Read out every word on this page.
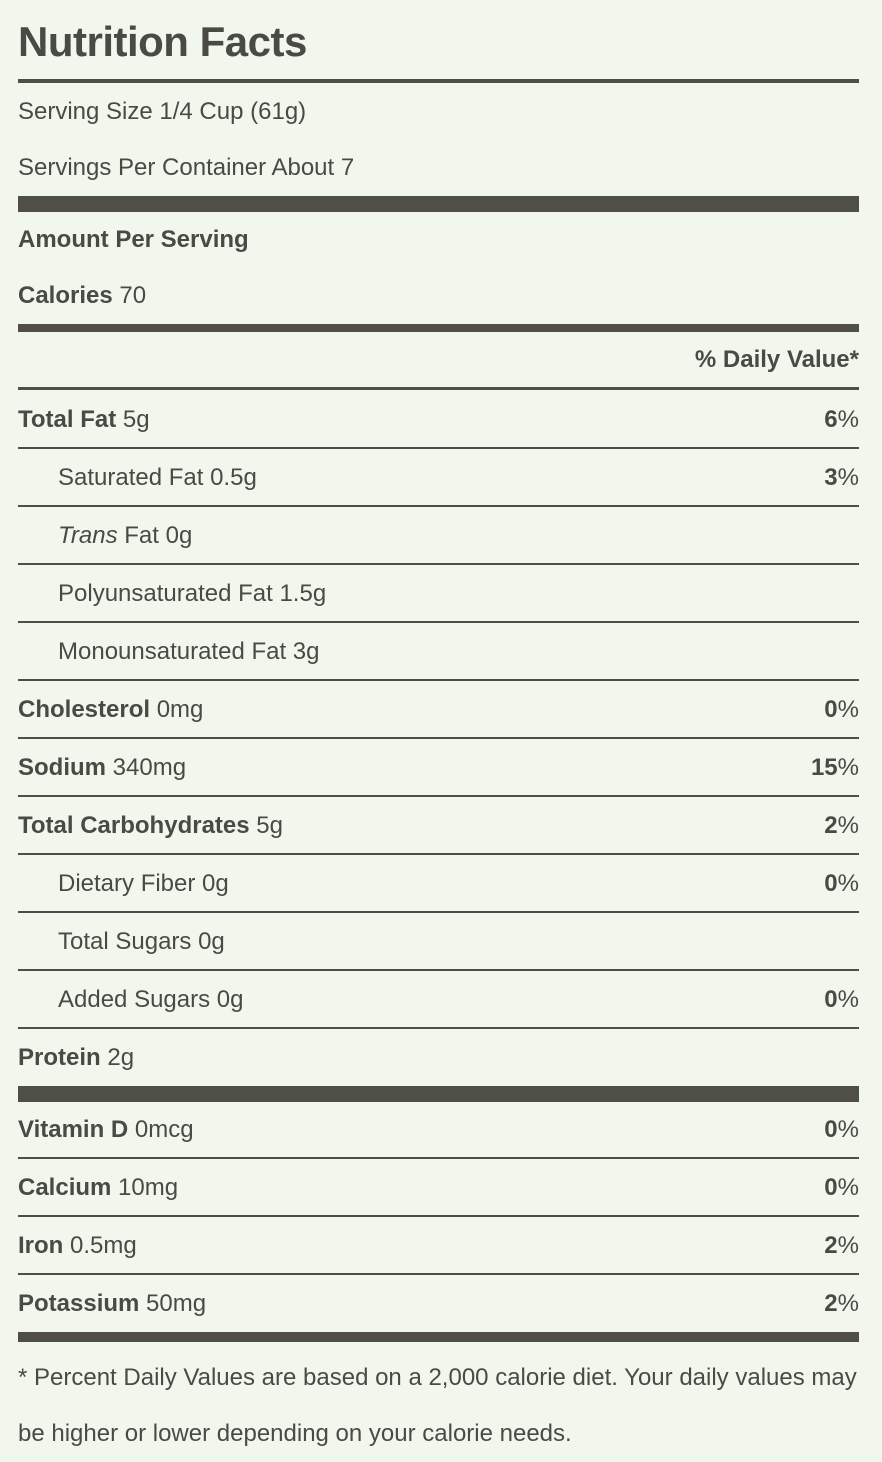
Nutrition Facts
Serving Size 1/4 Cup (61g)
Servings Per Container About 7
Amount Per Serving
Calories 70
% Daily Value*
Total Fat 5g	6%
Saturated Fat 0.5g	3%
Trans Fat 0g
Polyunsaturated Fat 1.5g
Monounsaturated Fat 3g
Cholesterol 0mg	0%
Sodium 340mg	15%
Total Carbohydrates 5g	2%
Dietary Fiber 0g	0%
Total Sugars 0g
Added Sugars 0g	0%
Protein 2g
Vitamin D 0mcg	0%
Calcium 10mg	0%
Iron 0.5mg	2%
Potassium 50mg	2%
* Percent Daily Values are based on a 2,000 calorie diet. Your daily values may be higher or lower depending on your calorie needs.
